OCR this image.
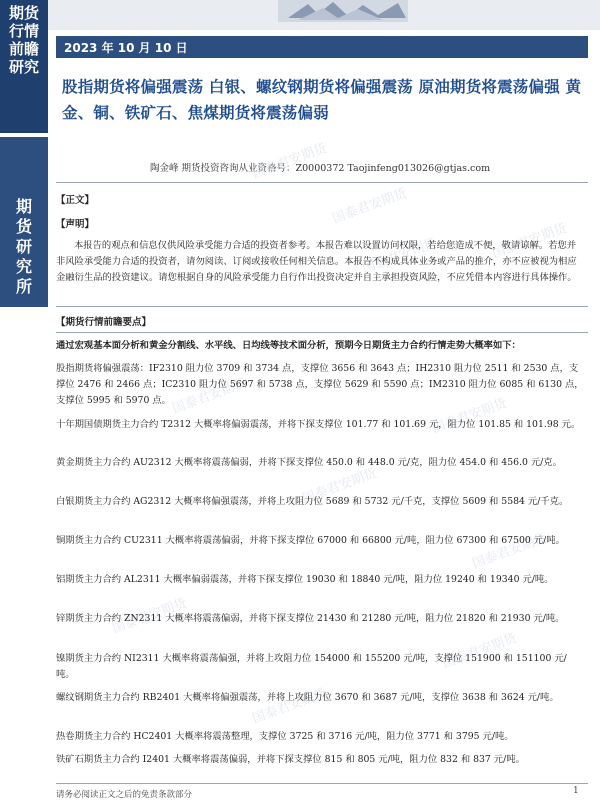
期货行情前瞻研究
期货研究所
2023 年 10 月 10 日
股指期货将偏强震荡 白银、螺纹钢期货将偏强震荡 原油期货将震荡偏强 黄金、铜、铁矿石、焦煤期货将震荡偏弱
陶金峰 期货投资咨询从业资格号：Z0000372 Taojinfeng013026@gtjas.com
国泰君安期货
国泰君安期货
国泰君安期货	国泰君安期货
国泰君安期货	国泰君安期货
国泰君安期货
国泰君安期货
国泰君安期货
国泰君安期货
国泰君安期货
【正文】
【声明】
本报告的观点和信息仅供风险承受能力合适的投资者参考。本报告难以设置访问权限，若给您造成不便，敬请谅解。若您并非风险承受能力合适的投资者，请勿阅读、订阅或接收任何相关信息。本报告不构成具体业务或产品的推介，亦不应被视为相应金融衍生品的投资建议。请您根据自身的风险承受能力自行作出投资决定并自主承担投资风险，不应凭借本内容进行具体操作。
【期货行情前瞻要点】
通过宏观基本面分析和黄金分割线、水平线、日均线等技术面分析，预期今日期货主力合约行情走势大概率如下：
股指期货将偏强震荡：IF2310 阻力位 3709 和 3734 点，支撑位 3656 和 3643 点；IH2310 阻力位 2511 和 2530 点，支撑位 2476 和 2466 点；IC2310 阻力位 5697 和 5738 点，支撑位 5629 和 5590 点；IM2310 阻力位 6085 和 6130 点，支撑位 5995 和 5970 点。
十年期国债期货主力合约 T2312 大概率将偏弱震荡，并将下探支撑位 101.77 和 101.69 元，阻力位 101.85 和 101.98 元。
黄金期货主力合约 AU2312 大概率将震荡偏弱，并将下探支撑位 450.0 和 448.0 元/克，阻力位 454.0 和 456.0 元/克。
白银期货主力合约 AG2312 大概率将偏强震荡，并将上攻阻力位 5689 和 5732 元/千克，支撑位 5609 和 5584 元/千克。
铜期货主力合约 CU2311 大概率将震荡偏弱，并将下探支撑位 67000 和 66800 元/吨，阻力位 67300 和 67500 元/吨。
铝期货主力合约 AL2311 大概率偏弱震荡，并将下探支撑位 19030 和 18840 元/吨，阻力位 19240 和 19340 元/吨。
锌期货主力合约 ZN2311 大概率将震荡偏弱，并将下探支撑位 21430 和 21280 元/吨，阻力位 21820 和 21930 元/吨。
镍期货主力合约 NI2311 大概率将震荡偏强，并将上攻阻力位 154000 和 155200 元/吨，支撑位 151900 和 151100 元/吨。
螺纹钢期货主力合约 RB2401 大概率将偏强震荡，并将上攻阻力位 3670 和 3687 元/吨，支撑位 3638 和 3624 元/吨。
热卷期货主力合约 HC2401 大概率将震荡整理，支撑位 3725 和 3716 元/吨，阻力位 3771 和 3795 元/吨。
铁矿石期货主力合约 I2401 大概率将震荡偏弱，并将下探支撑位 815 和 805 元/吨，阻力位 832 和 837 元/吨。
请务必阅读正文之后的免责条款部分	1
